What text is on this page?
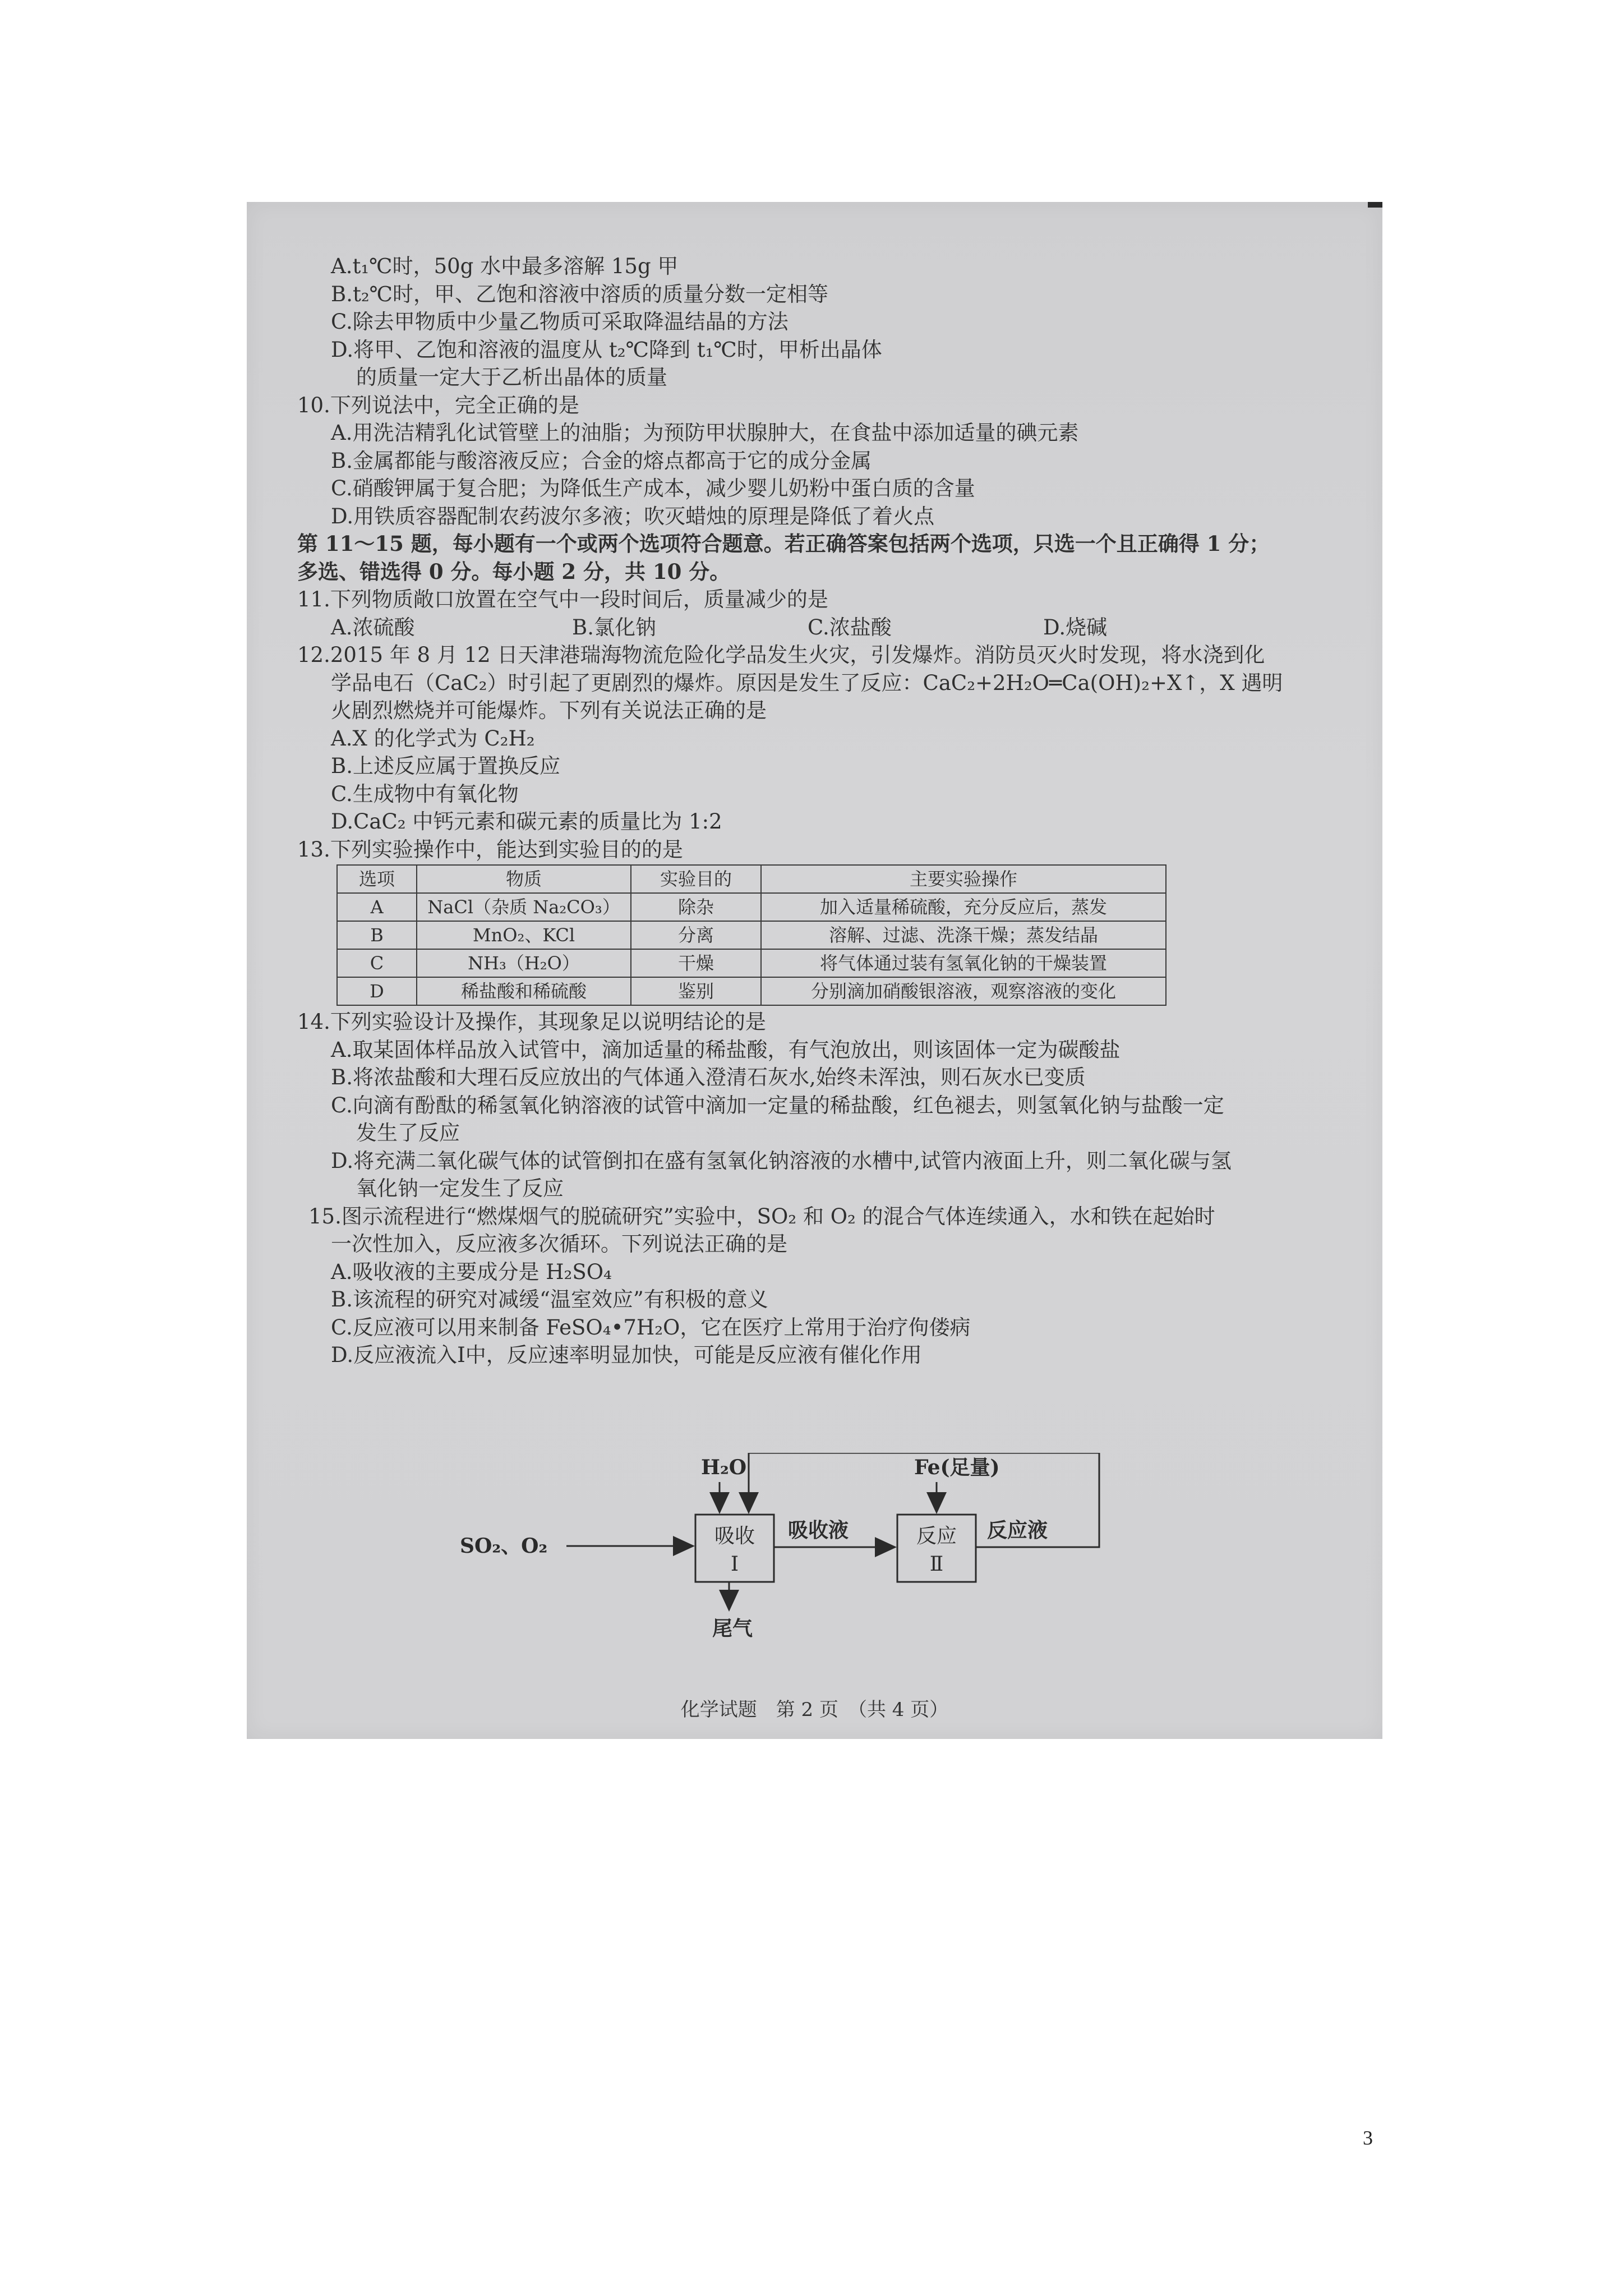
A.t₁℃时，50g 水中最多溶解 15g 甲
B.t₂℃时，甲、乙饱和溶液中溶质的质量分数一定相等
C.除去甲物质中少量乙物质可采取降温结晶的方法
D.将甲、乙饱和溶液的温度从 t₂℃降到 t₁℃时，甲析出晶体
的质量一定大于乙析出晶体的质量
10.下列说法中，完全正确的是
A.用洗洁精乳化试管壁上的油脂；为预防甲状腺肿大，在食盐中添加适量的碘元素
B.金属都能与酸溶液反应；合金的熔点都高于它的成分金属
C.硝酸钾属于复合肥；为降低生产成本，减少婴儿奶粉中蛋白质的含量
D.用铁质容器配制农药波尔多液；吹灭蜡烛的原理是降低了着火点
第 11～15 题，每小题有一个或两个选项符合题意。若正确答案包括两个选项，只选一个且正确得 1 分；
多选、错选得 0 分。每小题 2 分，共 10 分。
11.下列物质敞口放置在空气中一段时间后，质量减少的是
A.浓硫酸	B.氯化钠	C.浓盐酸	D.烧碱
12.2015 年 8 月 12 日天津港瑞海物流危险化学品发生火灾，引发爆炸。消防员灭火时发现，将水浇到化
学品电石（CaC₂）时引起了更剧烈的爆炸。原因是发生了反应：CaC₂+2H₂O═Ca(OH)₂+X↑，X 遇明
火剧烈燃烧并可能爆炸。下列有关说法正确的是
A.X 的化学式为 C₂H₂
B.上述反应属于置换反应
C.生成物中有氧化物
D.CaC₂ 中钙元素和碳元素的质量比为 1:2
13.下列实验操作中，能达到实验目的的是
选项	物质	实验目的	主要实验操作
A	NaCl（杂质 Na₂CO₃）	除杂	加入适量稀硫酸，充分反应后，蒸发
B	MnO₂、KCl	分离	溶解、过滤、洗涤干燥；蒸发结晶
C	NH₃（H₂O）	干燥	将气体通过装有氢氧化钠的干燥装置
D	稀盐酸和稀硫酸	鉴别	分别滴加硝酸银溶液，观察溶液的变化
14.下列实验设计及操作，其现象足以说明结论的是
A.取某固体样品放入试管中，滴加适量的稀盐酸，有气泡放出，则该固体一定为碳酸盐
B.将浓盐酸和大理石反应放出的气体通入澄清石灰水,始终未浑浊，则石灰水已变质
C.向滴有酚酞的稀氢氧化钠溶液的试管中滴加一定量的稀盐酸，红色褪去，则氢氧化钠与盐酸一定
发生了反应
D.将充满二氧化碳气体的试管倒扣在盛有氢氧化钠溶液的水槽中,试管内液面上升，则二氧化碳与氢
氧化钠一定发生了反应
15.图示流程进行“燃煤烟气的脱硫研究”实验中，SO₂ 和 O₂ 的混合气体连续通入，水和铁在起始时
一次性加入，反应液多次循环。下列说法正确的是
A.吸收液的主要成分是 H₂SO₄
B.该流程的研究对减缓“温室效应”有积极的意义
C.反应液可以用来制备 FeSO₄•7H₂O，它在医疗上常用于治疗佝偻病
D.反应液流入Ⅰ中，反应速率明显加快，可能是反应液有催化作用
吸收
Ⅰ
反应
Ⅱ
SO₂、O₂
H₂O
吸收液
Fe(足量)
反应液
尾气
化学试题　第 2 页　（共 4 页）
3
